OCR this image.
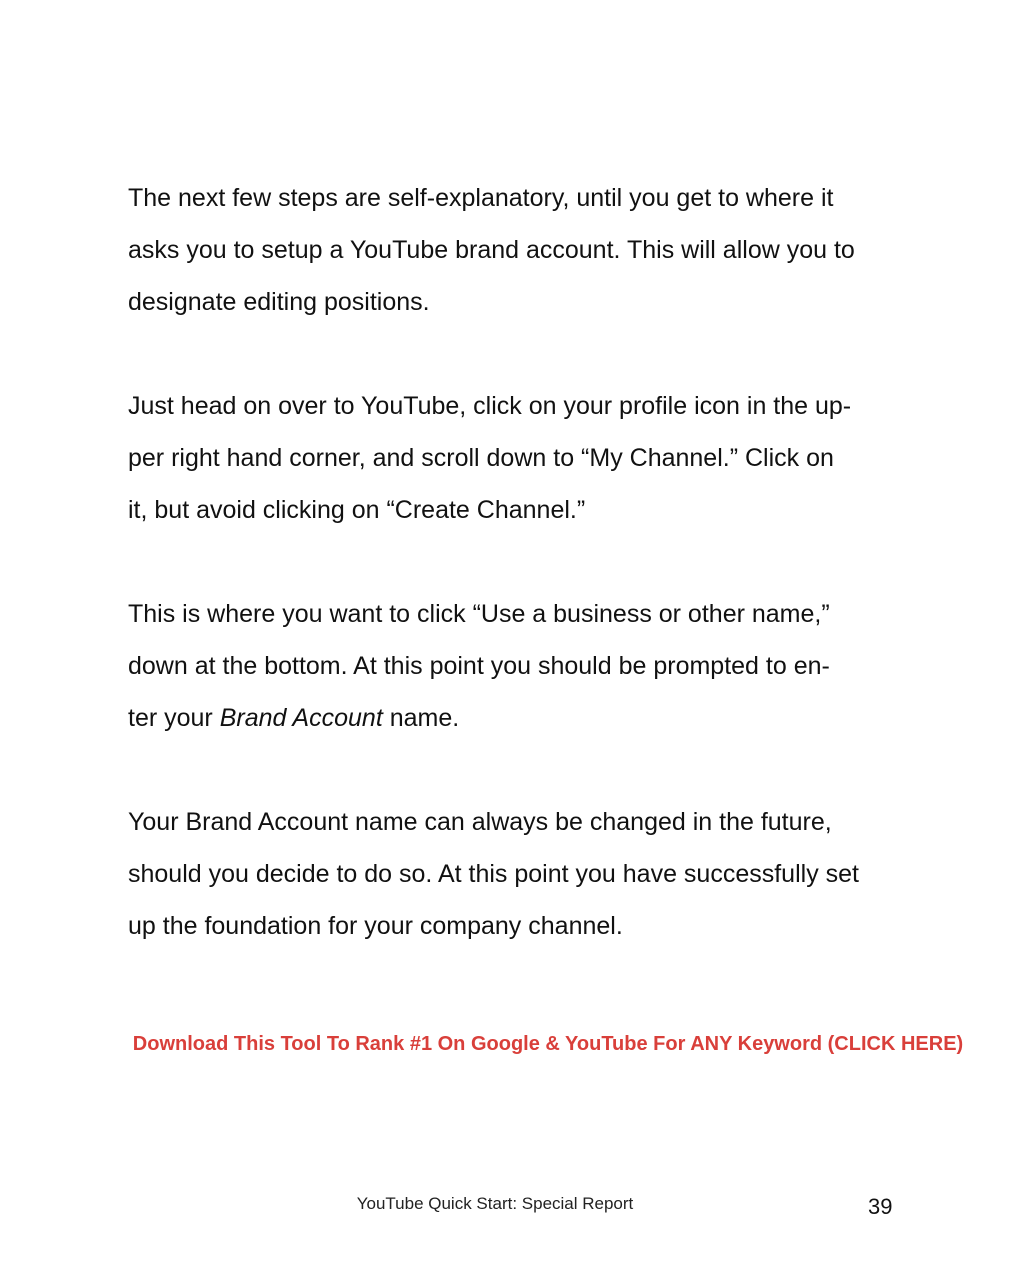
The next few steps are self-explanatory, until you get to where it
asks you to setup a YouTube brand account. This will allow you to
designate editing positions.

Just head on over to YouTube, click on your profile icon in the up-
per right hand corner, and scroll down to “My Channel.” Click on
it, but avoid clicking on “Create Channel.”

This is where you want to click “Use a business or other name,”
down at the bottom. At this point you should be prompted to en-
ter your Brand Account name.

Your Brand Account name can always be changed in the future,
should you decide to do so. At this point you have successfully set
up the foundation for your company channel.

Download This Tool To Rank #1 On Google & YouTube For ANY Keyword (CLICK HERE)
YouTube Quick Start: Special Report	39
